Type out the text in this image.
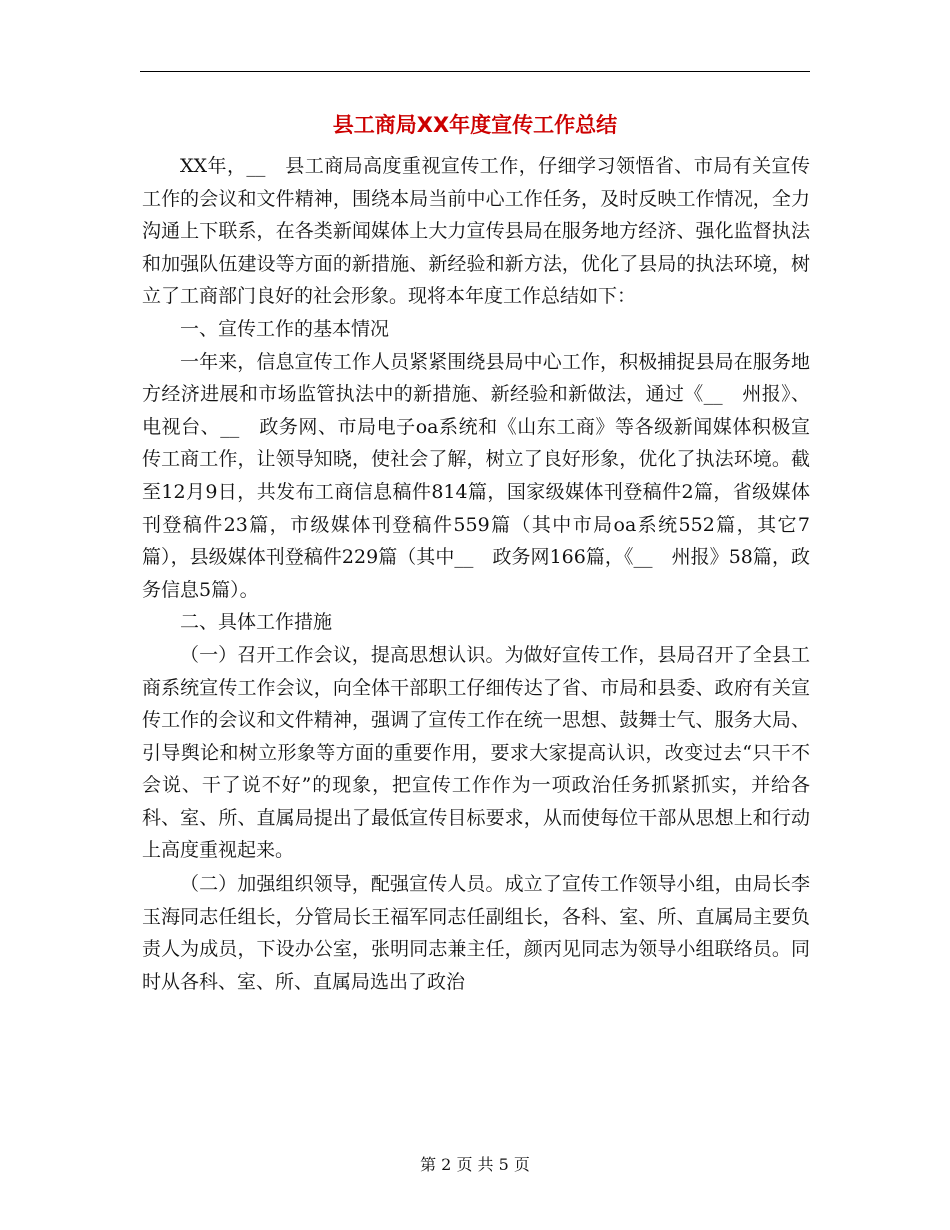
县工商局XX年度宣传工作总结

XX年，__　县工商局高度重视宣传工作，仔细学习领悟省、市局有关宣传工作的会议和文件精神，围绕本局当前中心工作任务，及时反映工作情况，全力沟通上下联系，在各类新闻媒体上大力宣传县局在服务地方经济、强化监督执法和加强队伍建设等方面的新措施、新经验和新方法，优化了县局的执法环境，树立了工商部门良好的社会形象。现将本年度工作总结如下：

一、宣传工作的基本情况

一年来，信息宣传工作人员紧紧围绕县局中心工作，积极捕捉县局在服务地方经济进展和市场监管执法中的新措施、新经验和新做法，通过《__　州报》、电视台、__　政务网、市局电子oa系统和《山东工商》等各级新闻媒体积极宣传工商工作，让领导知晓，使社会了解，树立了良好形象，优化了执法环境。截至12月9日，共发布工商信息稿件814篇，国家级媒体刊登稿件2篇，省级媒体刊登稿件23篇，市级媒体刊登稿件559篇（其中市局oa系统552篇，其它7篇），县级媒体刊登稿件229篇（其中__　政务网166篇，《__　州报》58篇，政务信息5篇）。

二、具体工作措施

（一）召开工作会议，提高思想认识。为做好宣传工作，县局召开了全县工商系统宣传工作会议，向全体干部职工仔细传达了省、市局和县委、政府有关宣传工作的会议和文件精神，强调了宣传工作在统一思想、鼓舞士气、服务大局、引导舆论和树立形象等方面的重要作用，要求大家提高认识，改变过去“只干不会说、干了说不好”的现象，把宣传工作作为一项政治任务抓紧抓实，并给各科、室、所、直属局提出了最低宣传目标要求，从而使每位干部从思想上和行动上高度重视起来。

（二）加强组织领导，配强宣传人员。成立了宣传工作领导小组，由局长李玉海同志任组长，分管局长王福军同志任副组长，各科、室、所、直属局主要负责人为成员，下设办公室，张明同志兼主任，颜丙见同志为领导小组联络员。同时从各科、室、所、直属局选出了政治

第 2 页 共 5 页
